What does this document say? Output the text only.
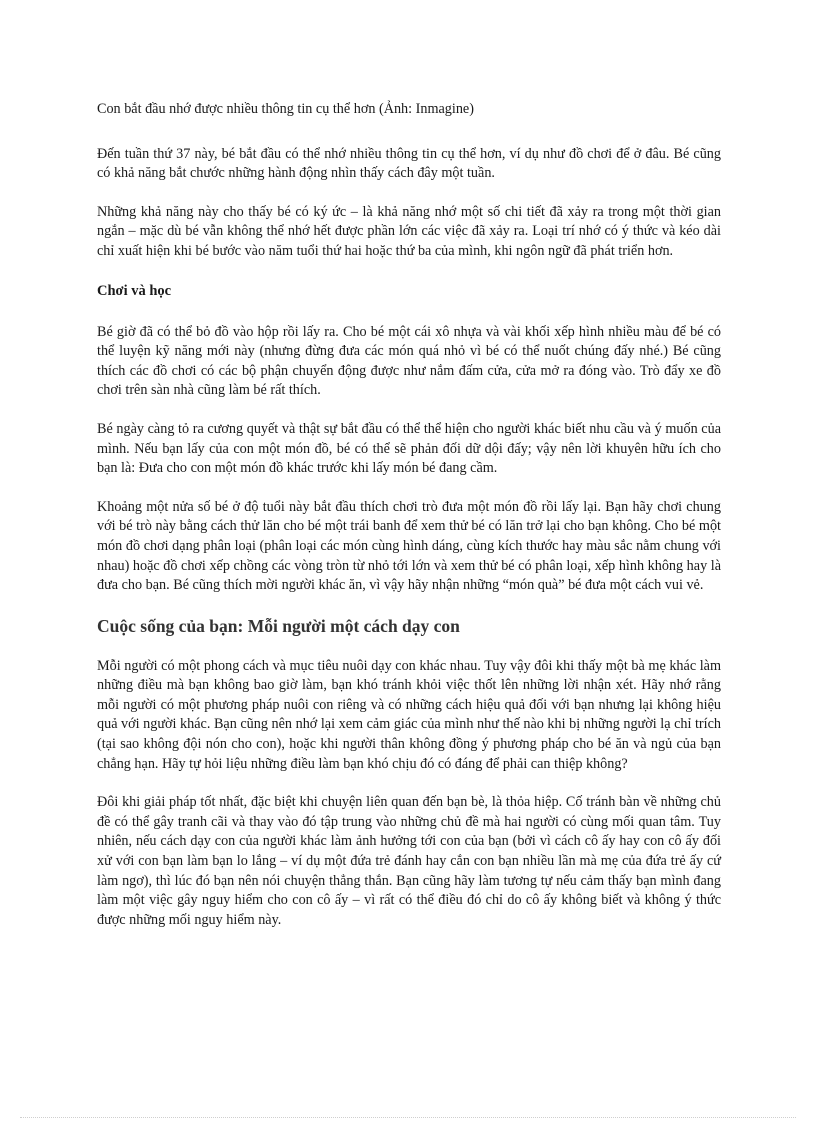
Con bắt đầu nhớ được nhiều thông tin cụ thể hơn (Ảnh: Inmagine)

Đến tuần thứ 37 này, bé bắt đầu có thể nhớ nhiều thông tin cụ thể hơn, ví dụ như đồ chơi để ở đâu. Bé cũng có khả năng bắt chước những hành động nhìn thấy cách đây một tuần.

Những khả năng này cho thấy bé có ký ức – là khả năng nhớ một số chi tiết đã xảy ra trong một thời gian ngắn – mặc dù bé vẫn không thể nhớ hết được phần lớn các việc đã xảy ra. Loại trí nhớ có ý thức và kéo dài chỉ xuất hiện khi bé bước vào năm tuổi thứ hai hoặc thứ ba của mình, khi ngôn ngữ đã phát triển hơn.

Chơi và học

Bé giờ đã có thể bỏ đồ vào hộp rồi lấy ra. Cho bé một cái xô nhựa và vài khối xếp hình nhiều màu để bé có thể luyện kỹ năng mới này (nhưng đừng đưa các món quá nhỏ vì bé có thể nuốt chúng đấy nhé.) Bé cũng thích các đồ chơi có các bộ phận chuyển động được như nắm đấm cửa, cửa mở ra đóng vào. Trò đẩy xe đồ chơi trên sàn nhà cũng làm bé rất thích.

Bé ngày càng tỏ ra cương quyết và thật sự bắt đầu có thể thể hiện cho người khác biết nhu cầu và ý muốn của mình. Nếu bạn lấy của con một món đồ, bé có thể sẽ phản đối dữ dội đấy; vậy nên lời khuyên hữu ích cho bạn là: Đưa cho con một món đồ khác trước khi lấy món bé đang cầm.

Khoảng một nửa số bé ở độ tuổi này bắt đầu thích chơi trò đưa một món đồ rồi lấy lại. Bạn hãy chơi chung với bé trò này bằng cách thử lăn cho bé một trái banh để xem thử bé có lăn trở lại cho bạn không. Cho bé một món đồ chơi dạng phân loại (phân loại các món cùng hình dáng, cùng kích thước hay màu sắc nằm chung với nhau) hoặc đồ chơi xếp chồng các vòng tròn từ nhỏ tới lớn và xem thử bé có phân loại, xếp hình không hay là đưa cho bạn. Bé cũng thích mời người khác ăn, vì vậy hãy nhận những “món quà” bé đưa một cách vui vẻ.

Cuộc sống của bạn: Mỗi người một cách dạy con

Mỗi người có một phong cách và mục tiêu nuôi dạy con khác nhau. Tuy vậy đôi khi thấy một bà mẹ khác làm những điều mà bạn không bao giờ làm, bạn khó tránh khỏi việc thốt lên những lời nhận xét. Hãy nhớ rằng mỗi người có một phương pháp nuôi con riêng và có những cách hiệu quả đối với bạn nhưng lại không hiệu quả với người khác. Bạn cũng nên nhớ lại xem cảm giác của mình như thế nào khi bị những người lạ chỉ trích (tại sao không đội nón cho con), hoặc khi người thân không đồng ý phương pháp cho bé ăn và ngủ của bạn chẳng hạn. Hãy tự hỏi liệu những điều làm bạn khó chịu đó có đáng để phải can thiệp không?

Đôi khi giải pháp tốt nhất, đặc biệt khi chuyện liên quan đến bạn bè, là thỏa hiệp. Cố tránh bàn về những chủ đề có thể gây tranh cãi và thay vào đó tập trung vào những chủ đề mà hai người có cùng mối quan tâm. Tuy nhiên, nếu cách dạy con của người khác làm ảnh hưởng tới con của bạn (bởi vì cách cô ấy hay con cô ấy đối xử với con bạn làm bạn lo lắng – ví dụ một đứa trẻ đánh hay cắn con bạn nhiều lần mà mẹ của đứa trẻ ấy cứ làm ngơ), thì lúc đó bạn nên nói chuyện thẳng thắn. Bạn cũng hãy làm tương tự nếu cảm thấy bạn mình đang làm một việc gây nguy hiểm cho con cô ấy – vì rất có thể điều đó chỉ do cô ấy không biết và không ý thức được những mối nguy hiểm này.
